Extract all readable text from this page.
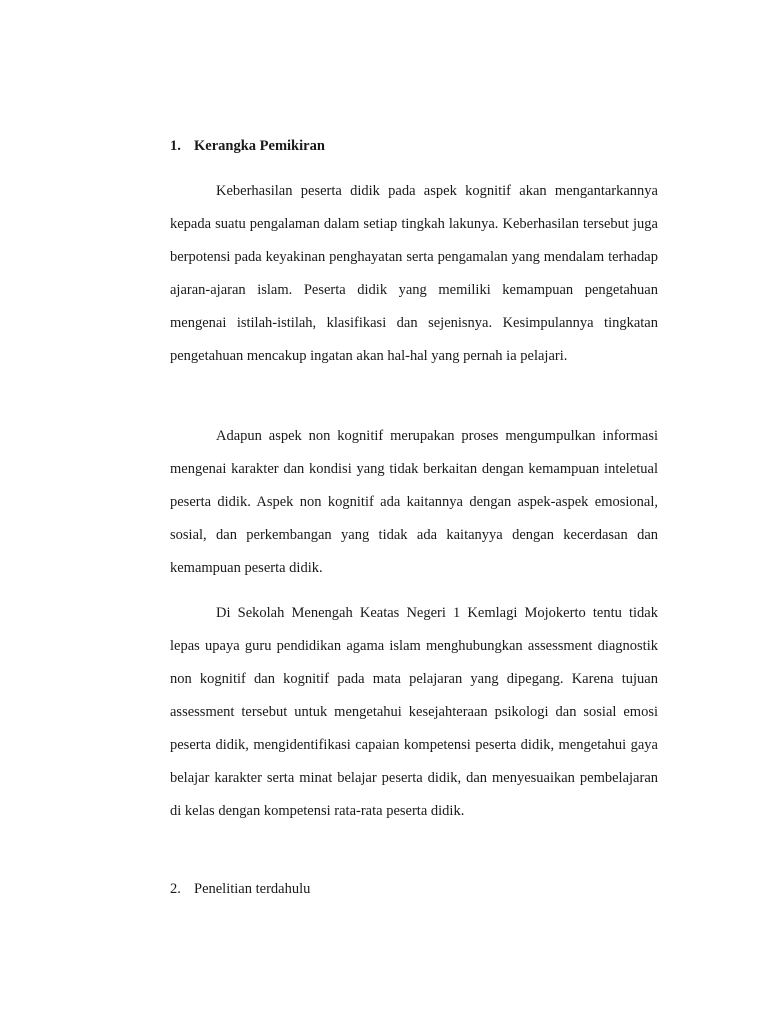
1. Kerangka Pemikiran

Keberhasilan peserta didik pada aspek kognitif akan mengantarkannya kepada suatu pengalaman dalam setiap tingkah lakunya. Keberhasilan tersebut juga berpotensi pada keyakinan penghayatan serta pengamalan yang mendalam terhadap ajaran-ajaran islam. Peserta didik yang memiliki kemampuan pengetahuan mengenai istilah-istilah, klasifikasi dan sejenisnya. Kesimpulannya tingkatan pengetahuan mencakup ingatan akan hal-hal yang pernah ia pelajari.

Adapun aspek non kognitif merupakan proses mengumpulkan informasi mengenai karakter dan kondisi yang tidak berkaitan dengan kemampuan inteletual peserta didik. Aspek non kognitif ada kaitannya dengan aspek-aspek emosional, sosial, dan perkembangan yang tidak ada kaitanyya dengan kecerdasan dan kemampuan peserta didik.

Di Sekolah Menengah Keatas Negeri 1 Kemlagi Mojokerto tentu tidak lepas upaya guru pendidikan agama islam menghubungkan assessment diagnostik non kognitif dan kognitif pada mata pelajaran yang dipegang. Karena tujuan assessment tersebut untuk mengetahui kesejahteraan psikologi dan sosial emosi peserta didik, mengidentifikasi capaian kompetensi peserta didik, mengetahui gaya belajar karakter serta minat belajar peserta didik, dan menyesuaikan pembelajaran di kelas dengan kompetensi rata-rata peserta didik.

2. Penelitian terdahulu
